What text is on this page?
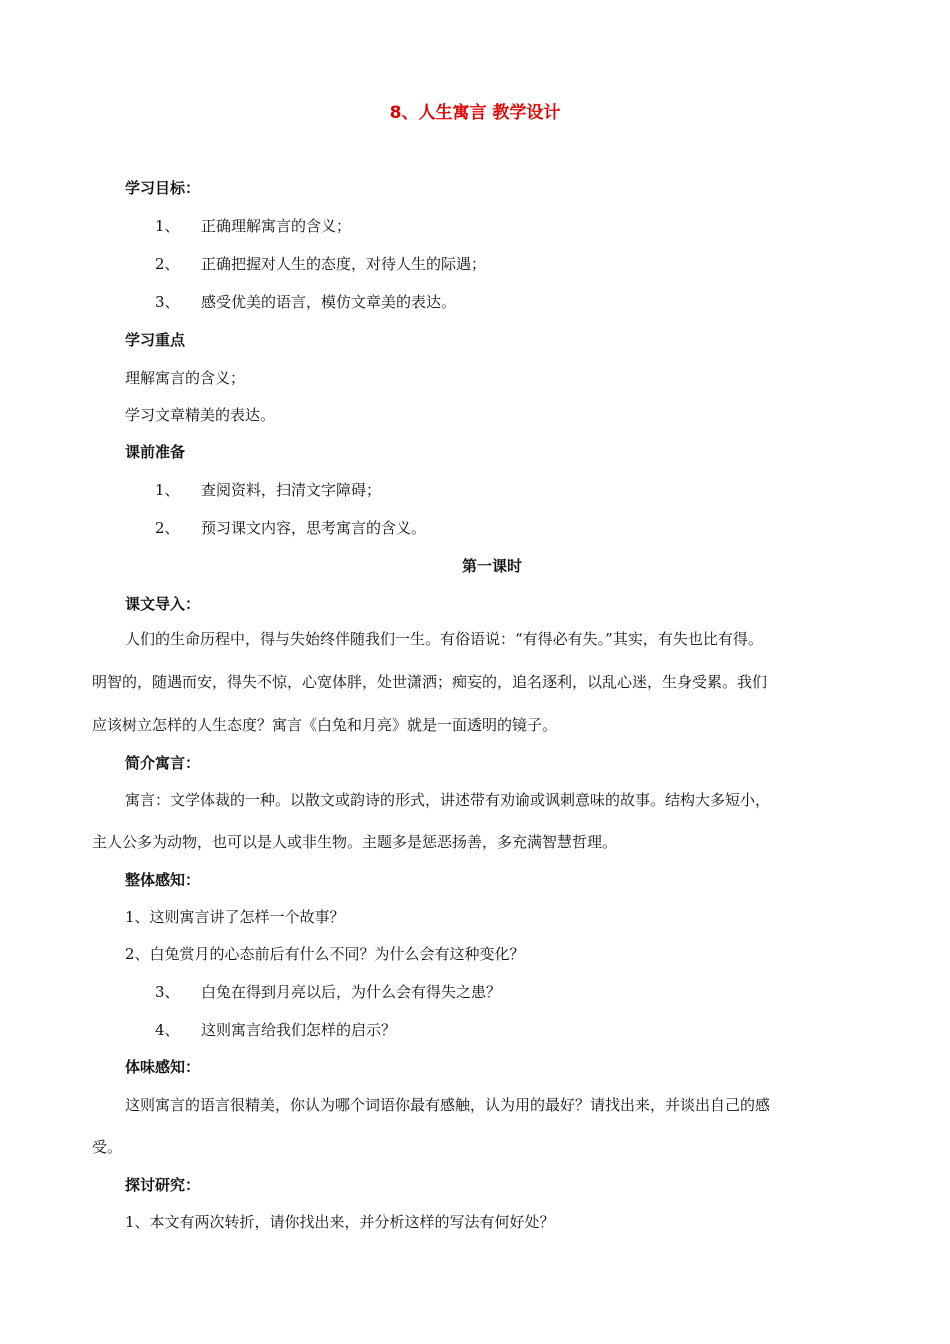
8、人生寓言 教学设计
学习目标：
1、 正确理解寓言的含义；
2、 正确把握对人生的态度，对待人生的际遇；
3、 感受优美的语言，模仿文章美的表达。
学习重点
理解寓言的含义；
学习文章精美的表达。
课前准备
1、 查阅资料，扫清文字障碍；
2、 预习课文内容，思考寓言的含义。
第一课时
课文导入：
人们的生命历程中，得与失始终伴随我们一生。有俗语说：“有得必有失。”其实，有失也比有得。
明智的，随遇而安，得失不惊，心宽体胖，处世潇洒；痴妄的，追名逐利，以乱心迷，生身受累。我们
应该树立怎样的人生态度？寓言《白兔和月亮》就是一面透明的镜子。
简介寓言：
寓言：文学体裁的一种。以散文或韵诗的形式，讲述带有劝谕或讽刺意味的故事。结构大多短小，
主人公多为动物，也可以是人或非生物。主题多是惩恶扬善，多充满智慧哲理。
整体感知：
1、这则寓言讲了怎样一个故事？
2、白兔赏月的心态前后有什么不同？为什么会有这种变化？
3、 白兔在得到月亮以后，为什么会有得失之患？
4、 这则寓言给我们怎样的启示？
体味感知：
这则寓言的语言很精美，你认为哪个词语你最有感触，认为用的最好？请找出来，并谈出自己的感
受。
探讨研究：
1、本文有两次转折，请你找出来，并分析这样的写法有何好处？
